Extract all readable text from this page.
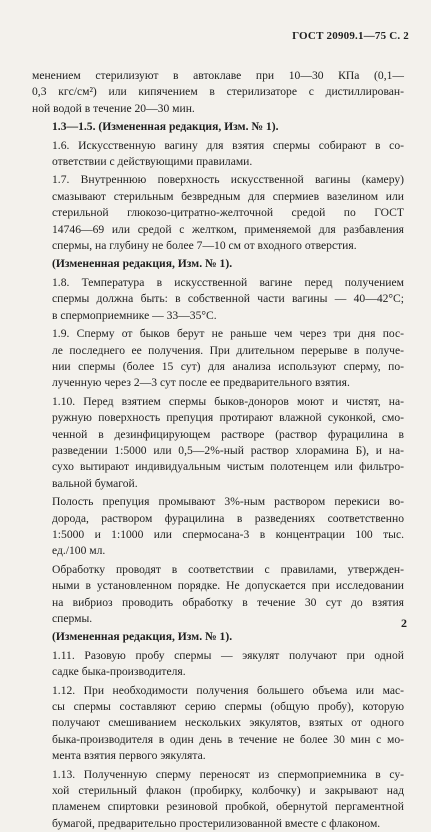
ГОСТ 20909.1—75 С. 2
менением стерилизуют в автоклаве при 10—30 КПа (0,1—
0,3 кгс/см²) или кипячением в стерилизаторе с дистиллирован-
ной водой в течение 20—30 мин.
1.3—1.5. (Измененная редакция, Изм. № 1).
1.6. Искусственную вагину для взятия спермы собирают в со-
ответствии с действующими правилами.
1.7. Внутреннюю поверхность искусственной вагины (камеру)
смазывают стерильным безвредным для спермиев вазелином или
стерильной глюкозо-цитратно-желточной средой по ГОСТ
14746—69 или средой с желтком, применяемой для разбавления
спермы, на глубину не более 7—10 см от входного отверстия.
(Измененная редакция, Изм. № 1).
1.8. Температура в искусственной вагине перед получением
спермы должна быть: в собственной части вагины — 40—42°С;
в спермоприемнике — 33—35°С.
1.9. Сперму от быков берут не раньше чем через три дня пос-
ле последнего ее получения. При длительном перерыве в получе-
нии спермы (более 15 сут) для анализа используют сперму, по-
лученную через 2—3 сут после ее предварительного взятия.
1.10. Перед взятием спермы быков-доноров моют и чистят, на-
ружную поверхность препуция протирают влажной суконкой, смо-
ченной в дезинфицирующем растворе (раствор фурацилина в
разведении 1:5000 или 0,5—2%-ный раствор хлорамина Б), и на-
сухо вытирают индивидуальным чистым полотенцем или фильтро-
вальной бумагой.
Полость препуция промывают 3%-ным раствором перекиси во-
дорода, раствором фурацилина в разведениях соответственно
1:5000 и 1:1000 или спермосана-3 в концентрации 100 тыс.
ед./100 мл.
Обработку проводят в соответствии с правилами, утвержден-
ными в установленном порядке. Не допускается при исследовании
на вибриоз проводить обработку в течение 30 сут до взятия
спермы.
(Измененная редакция, Изм. № 1).
1.11. Разовую пробу спермы — эякулят получают при одной
садке быка-производителя.
1.12. При необходимости получения большего объема или мас-
сы спермы составляют серию спермы (общую пробу), которую
получают смешиванием нескольких эякулятов, взятых от одного
быка-производителя в один день в течение не более 30 мин с мо-
мента взятия первого эякулята.
1.13. Полученную сперму переносят из спермоприемника в су-
хой стерильный флакон (пробирку, колбочку) и закрывают над
пламенем спиртовки резиновой пробкой, обернутой пергаментной
бумагой, предварительно простерилизованной вместе с флаконом.
2
